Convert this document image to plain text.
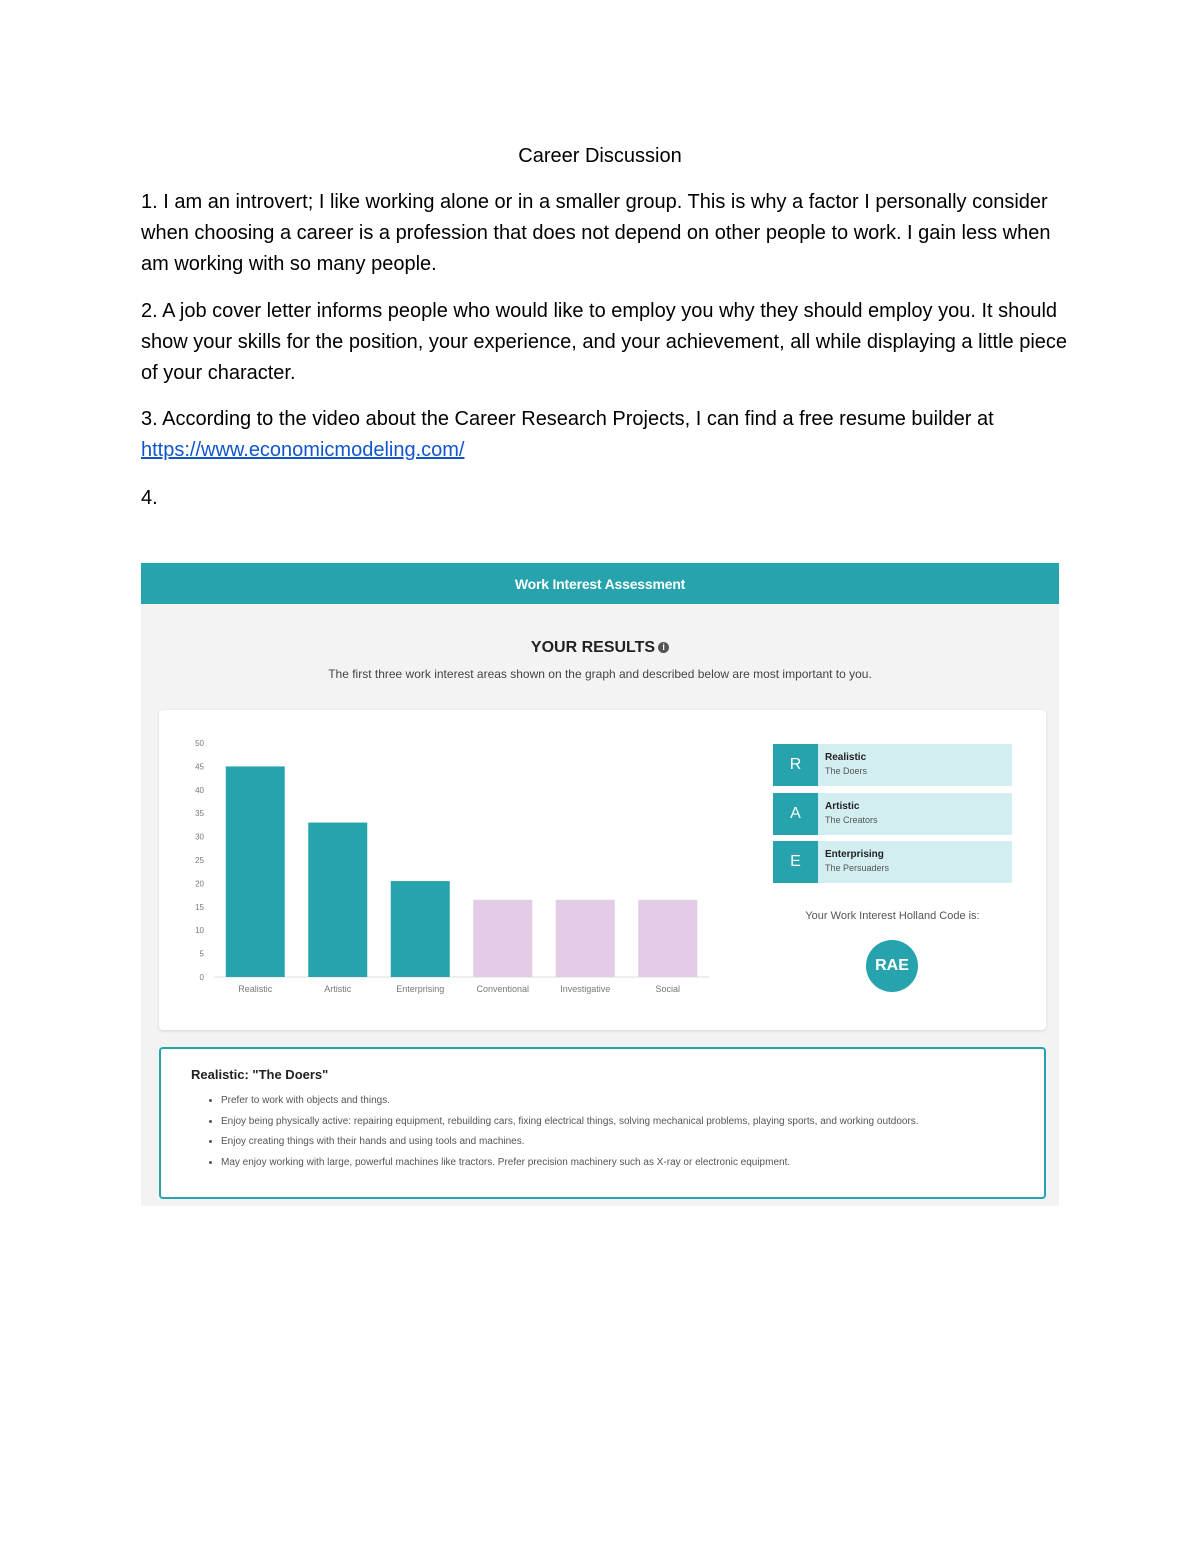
Career Discussion

1. I am an introvert; I like working alone or in a smaller group. This is why a factor I personally consider when choosing a career is a profession that does not depend on other people to work. I gain less when am working with so many people.

2. A job cover letter informs people who would like to employ you why they should employ you. It should show your skills for the position, your experience, and your achievement, all while displaying a little piece of your character.

3. According to the video about the Career Research Projects, I can find a free resume builder at https://www.economicmodeling.com/

4.

Work Interest Assessment
YOUR RESULTS i
The first three work interest areas shown on the graph and described below are most important to you.
0
5
10
15
20
25
30
35
40
45
50
Realistic	Artistic	Enterprising	Conventional	Investigative	Social
R	Realistic
The Doers
A	Artistic
The Creators
E	Enterprising
The Persuaders
Your Work Interest Holland Code is:
RAE
Realistic: "The Doers"
• Prefer to work with objects and things.
• Enjoy being physically active: repairing equipment, rebuilding cars, fixing electrical things, solving mechanical problems, playing sports, and working outdoors.
• Enjoy creating things with their hands and using tools and machines.
• May enjoy working with large, powerful machines like tractors. Prefer precision machinery such as X-ray or electronic equipment.
